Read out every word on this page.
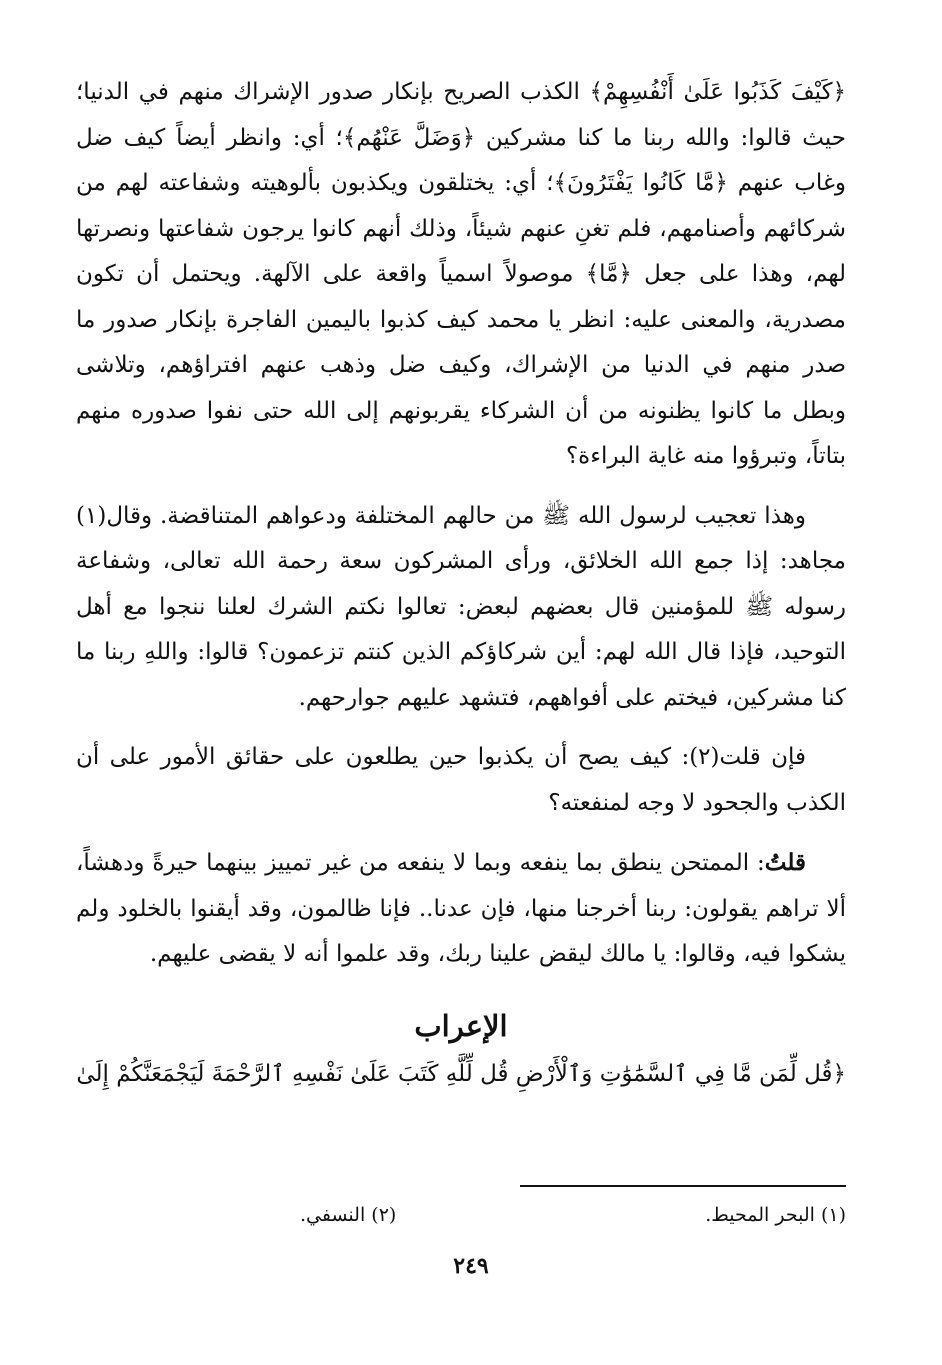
﴿كَيْفَ كَذَبُوا عَلَىٰ أَنْفُسِهِمْ﴾ الكذب الصريح بإنكار صدور الإشراك منهم في الدنيا؛ حيث قالوا: والله ربنا ما كنا مشركين ﴿وَضَلَّ عَنْهُم﴾؛ أي: وانظر أيضاً كيف ضل وغاب عنهم ﴿مَّا كَانُوا يَفْتَرُونَ﴾؛ أي: يختلقون ويكذبون بألوهيته وشفاعته لهم من شركائهم وأصنامهم، فلم تغنِ عنهم شيئاً، وذلك أنهم كانوا يرجون شفاعتها ونصرتها لهم، وهذا على جعل ﴿مَّا﴾ موصولاً اسمياً واقعة على الآلهة. ويحتمل أن تكون مصدرية، والمعنى عليه: انظر يا محمد كيف كذبوا باليمين الفاجرة بإنكار صدور ما صدر منهم في الدنيا من الإشراك، وكيف ضل وذهب عنهم افتراؤهم، وتلاشى وبطل ما كانوا يظنونه من أن الشركاء يقربونهم إلى الله حتى نفوا صدوره منهم بتاتاً، وتبرؤوا منه غاية البراءة؟

وهذا تعجيب لرسول الله ﷺ من حالهم المختلفة ودعواهم المتناقضة. وقال(١) مجاهد: إذا جمع الله الخلائق، ورأى المشركون سعة رحمة الله تعالى، وشفاعة رسوله ﷺ للمؤمنين قال بعضهم لبعض: تعالوا نكتم الشرك لعلنا ننجوا مع أهل التوحيد، فإذا قال الله لهم: أين شركاؤكم الذين كنتم تزعمون؟ قالوا: واللهِ ربنا ما كنا مشركين، فيختم على أفواههم، فتشهد عليهم جوارحهم.

فإن قلت(٢): كيف يصح أن يكذبوا حين يطلعون على حقائق الأمور على أن الكذب والجحود لا وجه لمنفعته؟

قلتُ: الممتحن ينطق بما ينفعه وبما لا ينفعه من غير تمييز بينهما حيرةً ودهشاً، ألا تراهم يقولون: ربنا أخرجنا منها، فإن عدنا.. فإنا ظالمون، وقد أيقنوا بالخلود ولم يشكوا فيه، وقالوا: يا مالك ليقض علينا ربك، وقد علموا أنه لا يقضى عليهم.

الإعراب
﴿قُل لِّمَن مَّا فِي ٱلسَّمَٰوَٰتِ وَٱلْأَرْضِ قُل لِّلَّهِ كَتَبَ عَلَىٰ نَفْسِهِ ٱلرَّحْمَةَ لَيَجْمَعَنَّكُمْ إِلَىٰ
(١) البحر المحيط.
(٢) النسفي.
٢٤٩
